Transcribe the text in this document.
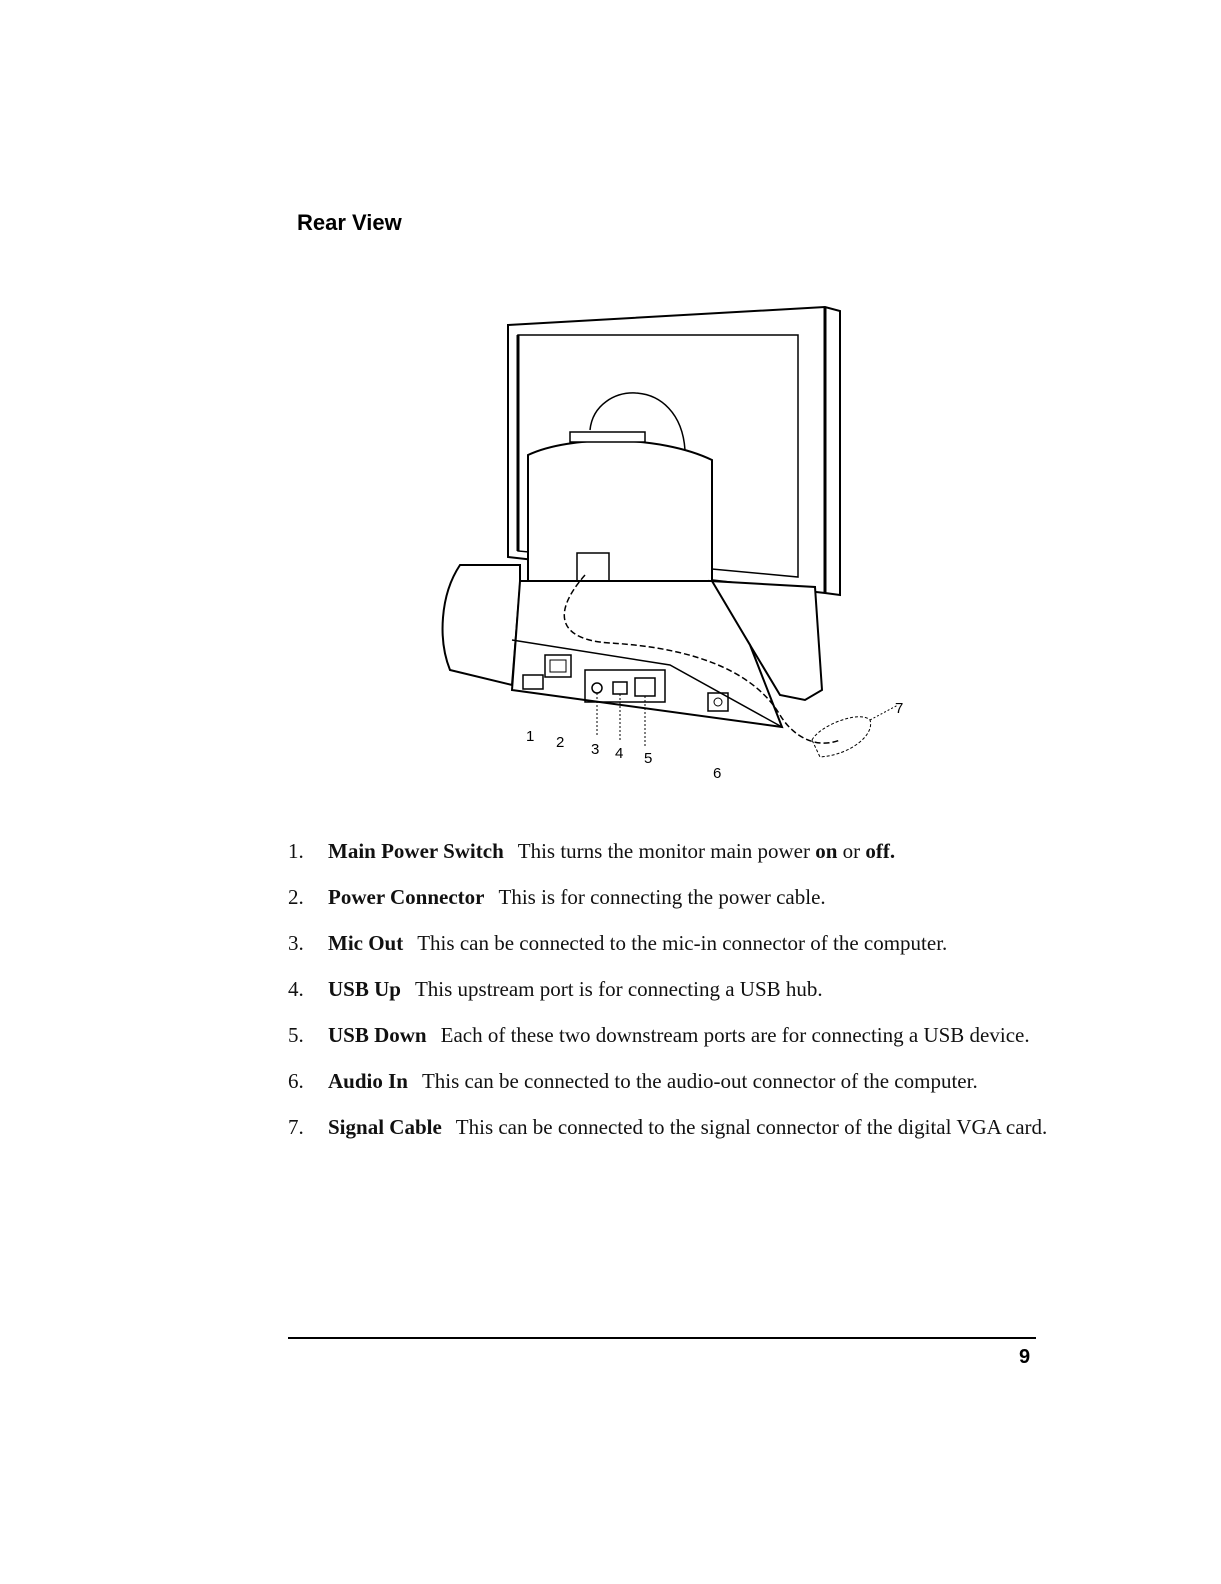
Rear View
1 2 3 4 5
6
7
1. Main Power Switch This turns the monitor main power on or off.
2. Power Connector This is for connecting the power cable.
3. Mic Out This can be connected to the mic-in connector of the computer.
4. USB Up This upstream port is for connecting a USB hub.
5. USB Down Each of these two downstream ports are for connecting a USB device.
6. Audio In This can be connected to the audio-out connector of the computer.
7. Signal Cable This can be connected to the signal connector of the digital VGA card.
9
